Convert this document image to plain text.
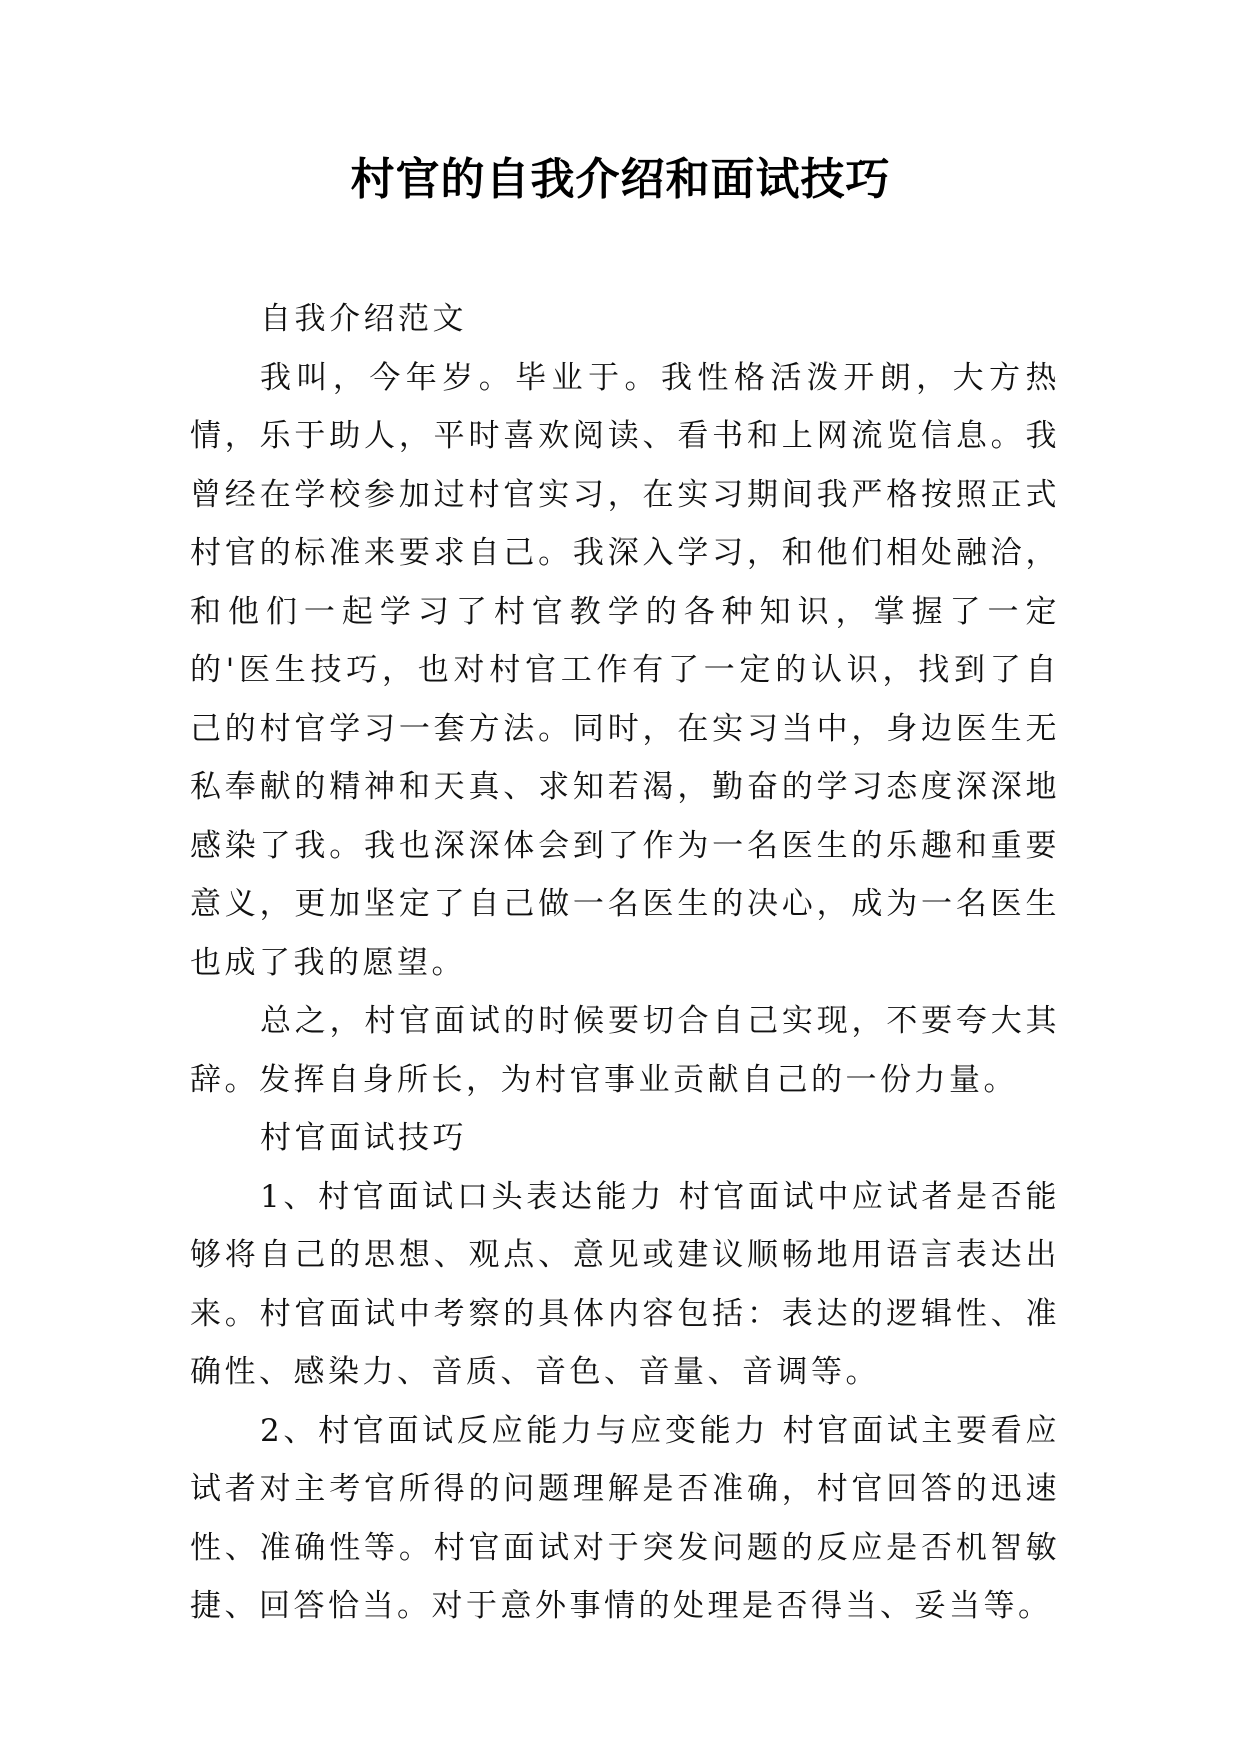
村官的自我介绍和面试技巧

自我介绍范文

我叫，今年岁。毕业于。我性格活泼开朗，大方热情，乐于助人，平时喜欢阅读、看书和上网流览信息。我曾经在学校参加过村官实习，在实习期间我严格按照正式村官的标准来要求自己。我深入学习，和他们相处融洽，和他们一起学习了村官教学的各种知识，掌握了一定的'医生技巧，也对村官工作有了一定的认识，找到了自己的村官学习一套方法。同时，在实习当中，身边医生无私奉献的精神和天真、求知若渴，勤奋的学习态度深深地感染了我。我也深深体会到了作为一名医生的乐趣和重要意义，更加坚定了自己做一名医生的决心，成为一名医生也成了我的愿望。

总之，村官面试的时候要切合自己实现，不要夸大其辞。发挥自身所长，为村官事业贡献自己的一份力量。

村官面试技巧

1、村官面试口头表达能力 村官面试中应试者是否能够将自己的思想、观点、意见或建议顺畅地用语言表达出来。村官面试中考察的具体内容包括：表达的逻辑性、准确性、感染力、音质、音色、音量、音调等。

2、村官面试反应能力与应变能力 村官面试主要看应试者对主考官所得的问题理解是否准确，村官回答的迅速性、准确性等。村官面试对于突发问题的反应是否机智敏捷、回答恰当。对于意外事情的处理是否得当、妥当等。
